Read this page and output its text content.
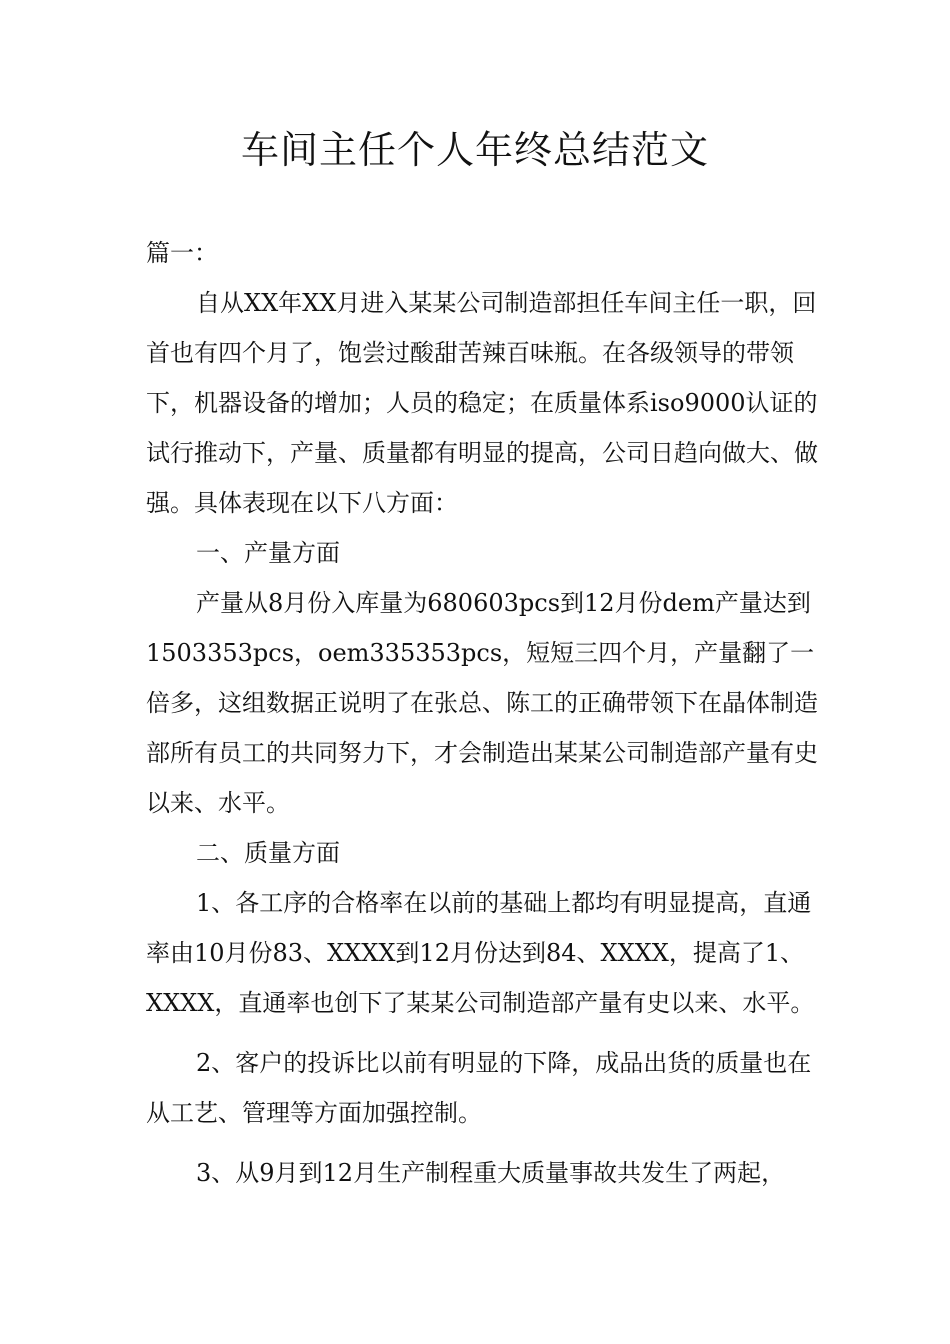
车间主任个人年终总结范文

篇一：

自从XX年XX月进入某某公司制造部担任车间主任一职，回首也有四个月了，饱尝过酸甜苦辣百味瓶。在各级领导的带领下，机器设备的增加；人员的稳定；在质量体系iso9000认证的试行推动下，产量、质量都有明显的提高，公司日趋向做大、做强。具体表现在以下八方面：

一、产量方面

产量从8月份入库量为680603pcs到12月份dem产量达到1503353pcs，oem335353pcs，短短三四个月，产量翻了一倍多，这组数据正说明了在张总、陈工的正确带领下在晶体制造部所有员工的共同努力下，才会制造出某某公司制造部产量有史以来、水平。

二、质量方面

1、各工序的合格率在以前的基础上都均有明显提高，直通率由10月份83、XXXX到12月份达到84、XXXX，提高了1、XXXX，直通率也创下了某某公司制造部产量有史以来、水平。

2、客户的投诉比以前有明显的下降，成品出货的质量也在从工艺、管理等方面加强控制。

3、从9月到12月生产制程重大质量事故共发生了两起，
